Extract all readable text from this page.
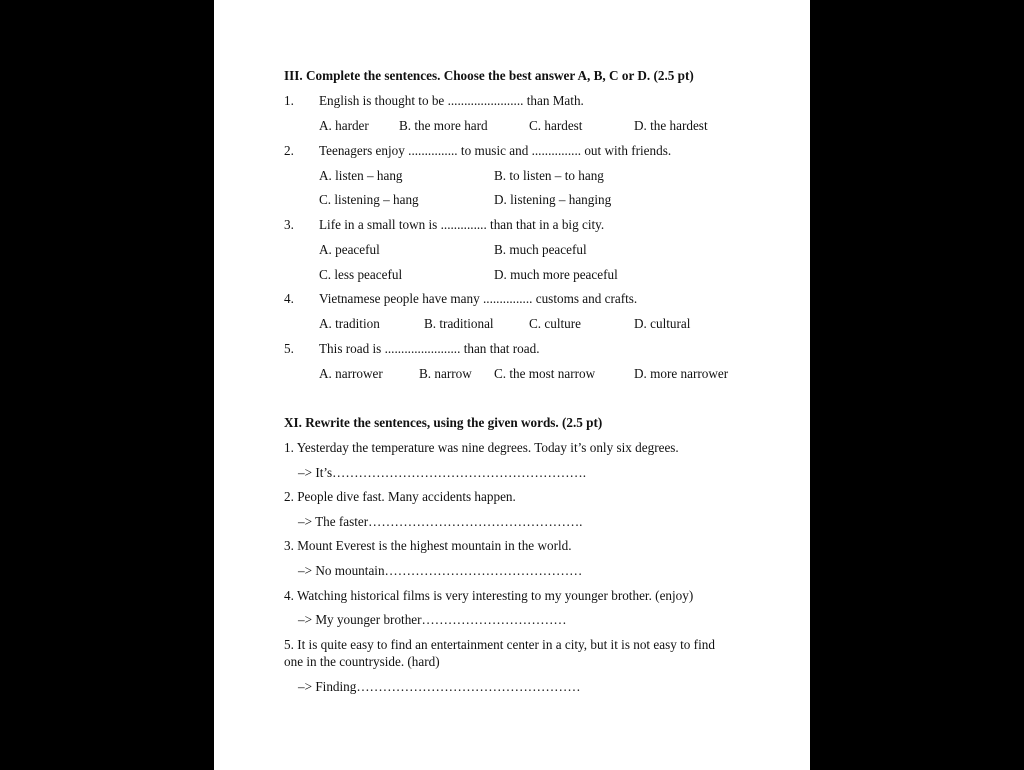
III. Complete the sentences. Choose the best answer A, B, C or D. (2.5 pt)
1. English is thought to be ....................... than Math.
A. harder B. the more hard	C. hardest	D. the hardest
2. Teenagers enjoy ............... to music and ............... out with friends.
A. listen – hang	B. to listen – to hang
C. listening – hang	D. listening – hanging
3. Life in a small town is .............. than that in a big city.
A. peaceful	B. much peaceful
C. less peaceful	D. much more peaceful
4. Vietnamese people have many ............... customs and crafts.
A. tradition	B. traditional	C. culture	D. cultural
5. This road is ....................... than that road.
A. narrower	B. narrow C. the most narrow	D. more narrower
XI. Rewrite the sentences, using the given words. (2.5 pt)
1. Yesterday the temperature was nine degrees. Today it’s only six degrees.
–> It’s………………………………………………….
2. People dive fast. Many accidents happen.
–> The faster………………………………………….
3. Mount Everest is the highest mountain in the world.
–> No mountain………………………………………
4. Watching historical films is very interesting to my younger brother. (enjoy)
–> My younger brother……………………………
5. It is quite easy to find an entertainment center in a city, but it is not easy to find
one in the countryside. (hard)
–> Finding……………………………………………
